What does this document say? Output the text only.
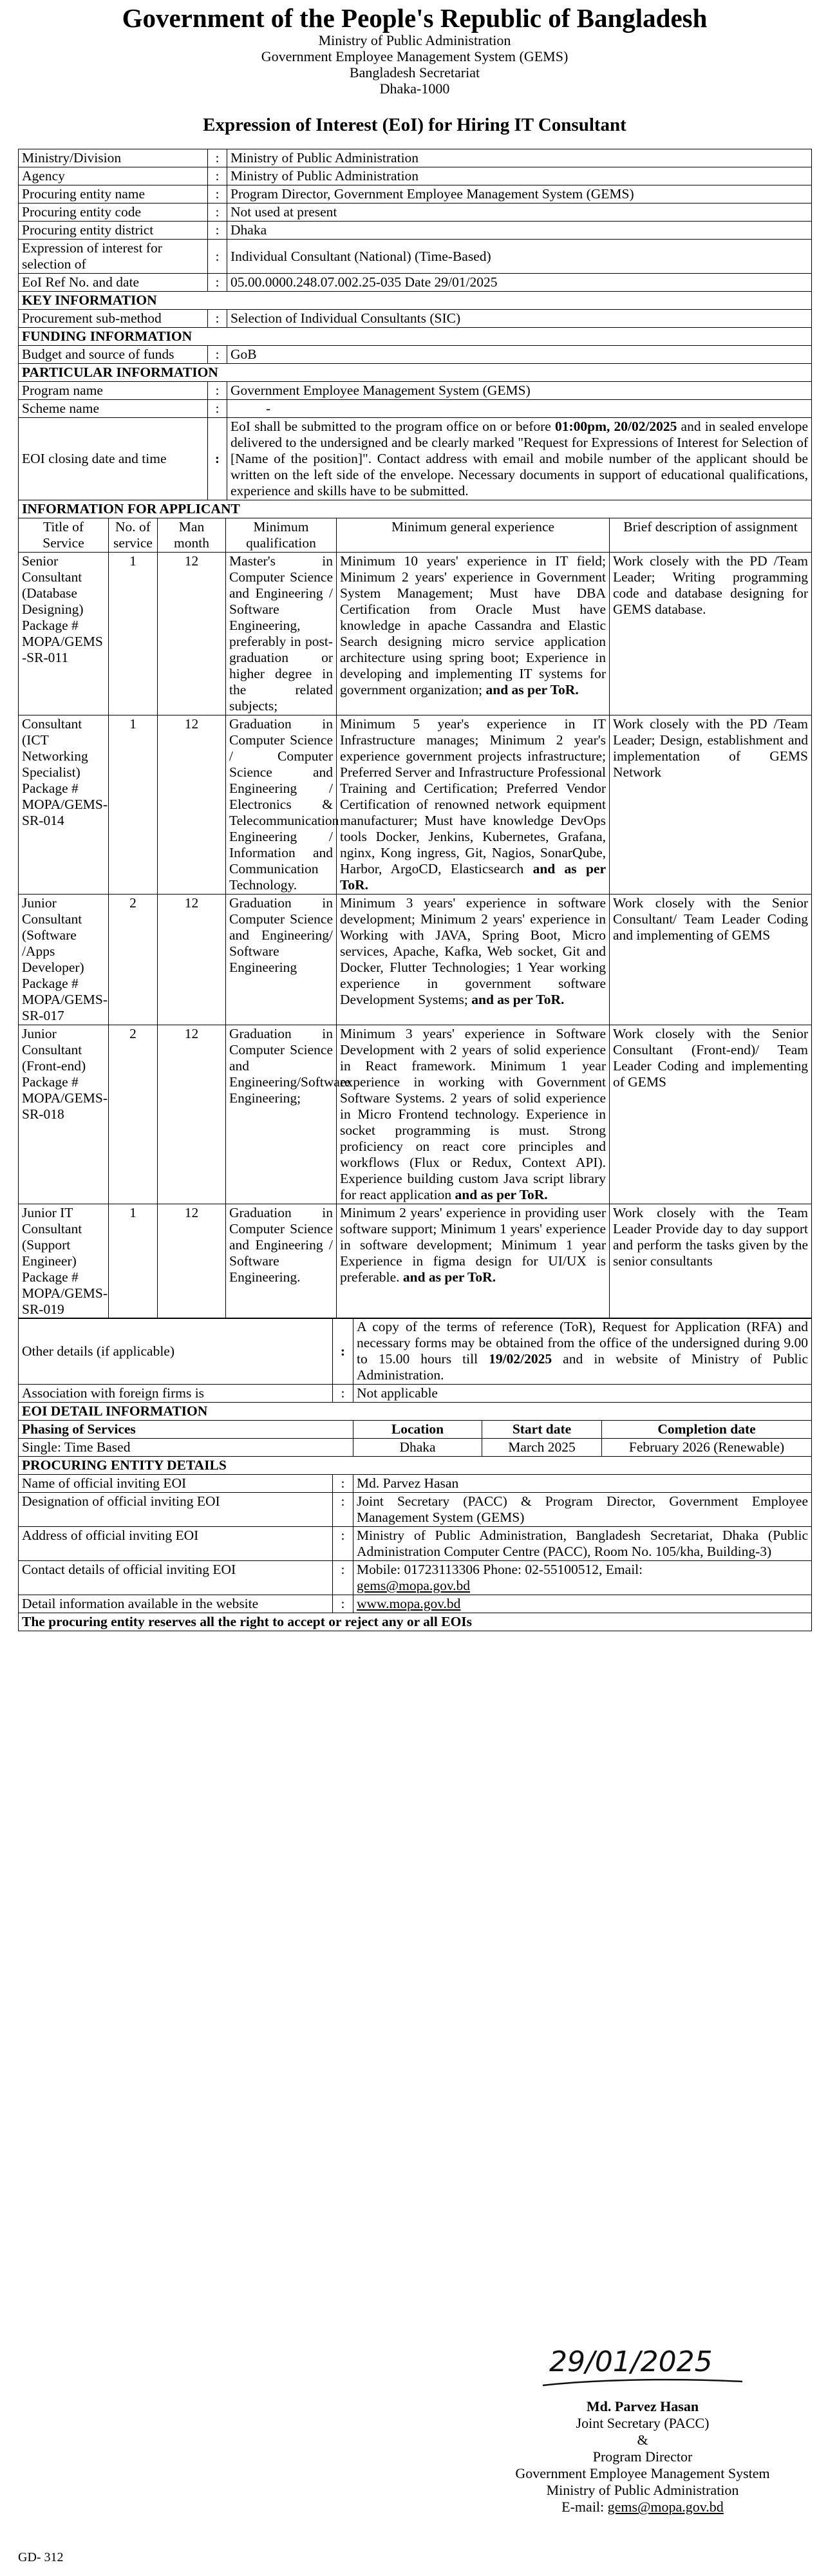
Government of the People's Republic of Bangladesh
Ministry of Public Administration
Government Employee Management System (GEMS)
Bangladesh Secretariat
Dhaka-1000
Expression of Interest (EoI) for Hiring IT Consultant
Ministry/Division	:	Ministry of Public Administration
Agency	:	Ministry of Public Administration
Procuring entity name	:	Program Director, Government Employee Management System (GEMS)
Procuring entity code	:	Not used at present
Procuring entity district	:	Dhaka
Expression of interest for selection of	:	Individual Consultant (National) (Time-Based)
EoI Ref No. and date	:	05.00.0000.248.07.002.25-035 Date 29/01/2025
KEY INFORMATION		
Procurement sub-method	:	Selection of Individual Consultants (SIC)
FUNDING INFORMATION		
Budget and source of funds	:	GoB
PARTICULAR INFORMATION		
Program name	:	Government Employee Management System (GEMS)
Scheme name	:	-
EOI closing date and time	:	EoI shall be submitted to the program office on or before 01:00pm, 20/02/2025 and in sealed envelope delivered to the undersigned and be clearly marked "Request for Expressions of Interest for Selection of [Name of the position]". Contact address with email and mobile number of the applicant should be written on the left side of the envelope. Necessary documents in support of educational qualifications, experience and skills have to be submitted.
INFORMATION FOR APPLICANT		
Title of Service	No. of service	Man month	Minimum qualification	Minimum general experience	Brief description of assignment
Senior Consultant (Database Designing) Package # MOPA/GEMS-SR-011	1	12	Master's in Computer Science and Engineering / Software Engineering, preferably in post-graduation or higher degree in the related subjects;	Minimum 10 years' experience in IT field; Minimum 2 years' experience in Government System Management; Must have DBA Certification from Oracle Must have knowledge in apache Cassandra and Elastic Search designing micro service application architecture using spring boot; Experience in developing and implementing IT systems for government organization; and as per ToR.	Work closely with the PD /Team Leader; Writing programming code and database designing for GEMS database.
Consultant (ICT Networking Specialist) Package # MOPA/GEMS-SR-014	1	12	Graduation in Computer Science / Computer Science and Engineering / Electronics & Telecommunication Engineering / Information and Communication Technology.	Minimum 5 year's experience in IT Infrastructure manages; Minimum 2 year's experience government projects infrastructure; Preferred Server and Infrastructure Professional Training and Certification; Preferred Vendor Certification of renowned network equipment manufacturer; Must have knowledge DevOps tools Docker, Jenkins, Kubernetes, Grafana, nginx, Kong ingress, Git, Nagios, SonarQube, Harbor, ArgoCD, Elasticsearch and as per ToR.	Work closely with the PD /Team Leader; Design, establishment and implementation of GEMS Network
Junior Consultant (Software /Apps Developer) Package # MOPA/GEMS-SR-017	2	12	Graduation in Computer Science and Engineering/ Software Engineering	Minimum 3 years' experience in software development; Minimum 2 years' experience in Working with JAVA, Spring Boot, Micro services, Apache, Kafka, Web socket, Git and Docker, Flutter Technologies; 1 Year working experience in government software Development Systems; and as per ToR.	Work closely with the Senior Consultant/ Team Leader Coding and implementing of GEMS
Junior Consultant (Front-end) Package # MOPA/GEMS-SR-018	2	12	Graduation in Computer Science and Engineering/Software Engineering;	Minimum 3 years' experience in Software Development with 2 years of solid experience in React framework. Minimum 1 year experience in working with Government Software Systems. 2 years of solid experience in Micro Frontend technology. Experience in socket programming is must. Strong proficiency on react core principles and workflows (Flux or Redux, Context API). Experience building custom Java script library for react application and as per ToR.	Work closely with the Senior Consultant (Front-end)/ Team Leader Coding and implementing of GEMS
Junior IT Consultant (Support Engineer) Package # MOPA/GEMS-SR-019	1	12	Graduation in Computer Science and Engineering / Software Engineering.	Minimum 2 years' experience in providing user software support; Minimum 1 years' experience in software development; Minimum 1 year Experience in figma design for UI/UX is preferable. and as per ToR.	Work closely with the Team Leader Provide day to day support and perform the tasks given by the senior consultants
Other details (if applicable)	:	A copy of the terms of reference (ToR), Request for Application (RFA) and necessary forms may be obtained from the office of the undersigned during 9.00 to 15.00 hours till 19/02/2025 and in website of Ministry of Public Administration.		
Association with foreign firms is	:	Not applicable		
EOI DETAIL INFORMATION				
Phasing of Services		Location	Start date	Completion date
Single: Time Based		Dhaka	March 2025	February 2026 (Renewable)
PROCURING ENTITY DETAILS				
Name of official inviting EOI	:	Md. Parvez Hasan		
Designation of official inviting EOI	:	Joint Secretary (PACC) & Program Director, Government Employee Management System (GEMS)		
Address of official inviting EOI	:	Ministry of Public Administration, Bangladesh Secretariat, Dhaka (Public Administration Computer Centre (PACC), Room No. 105/kha, Building-3)		
Contact details of official inviting EOI	:	Mobile: 01723113306 Phone: 02-55100512, Email:
gems@mopa.gov.bd		
Detail information available in the website	:	www.mopa.gov.bd		
The procuring entity reserves all the right to accept or reject any or all EOIs				
29/01/2025
Md. Parvez Hasan
Joint Secretary (PACC)
&
Program Director
Government Employee Management System
Ministry of Public Administration
E-mail: gems@mopa.gov.bd
GD- 312
